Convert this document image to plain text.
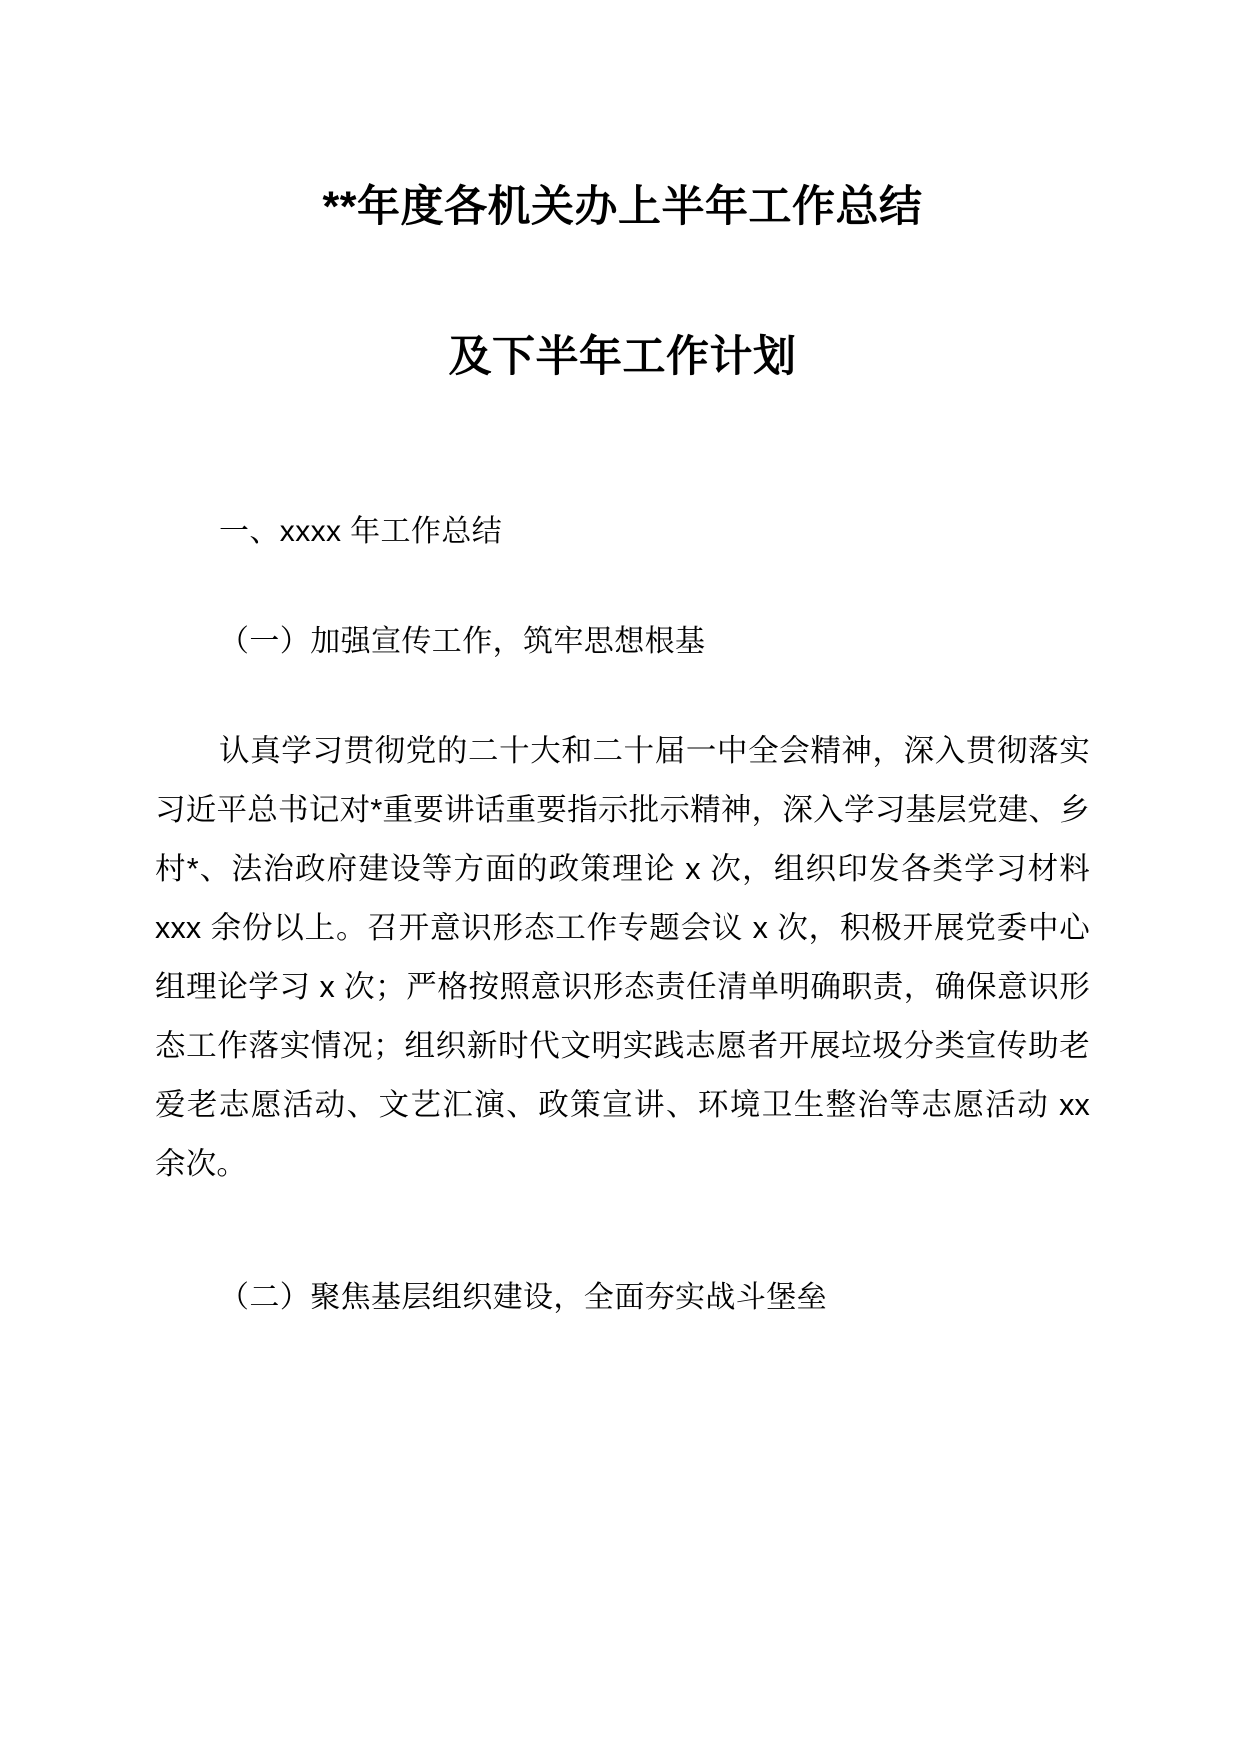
**年度各机关办上半年工作总结
及下半年工作计划

一、xxxx 年工作总结

（一）加强宣传工作，筑牢思想根基

认真学习贯彻党的二十大和二十届一中全会精神，深入贯彻落实习近平总书记对*重要讲话重要指示批示精神，深入学习基层党建、乡村*、法治政府建设等方面的政策理论 x 次，组织印发各类学习材料 xxx 余份以上。召开意识形态工作专题会议 x 次，积极开展党委中心组理论学习 x 次；严格按照意识形态责任清单明确职责，确保意识形态工作落实情况；组织新时代文明实践志愿者开展垃圾分类宣传助老爱老志愿活动、文艺汇演、政策宣讲、环境卫生整治等志愿活动 xx 余次。

（二）聚焦基层组织建设，全面夯实战斗堡垒
